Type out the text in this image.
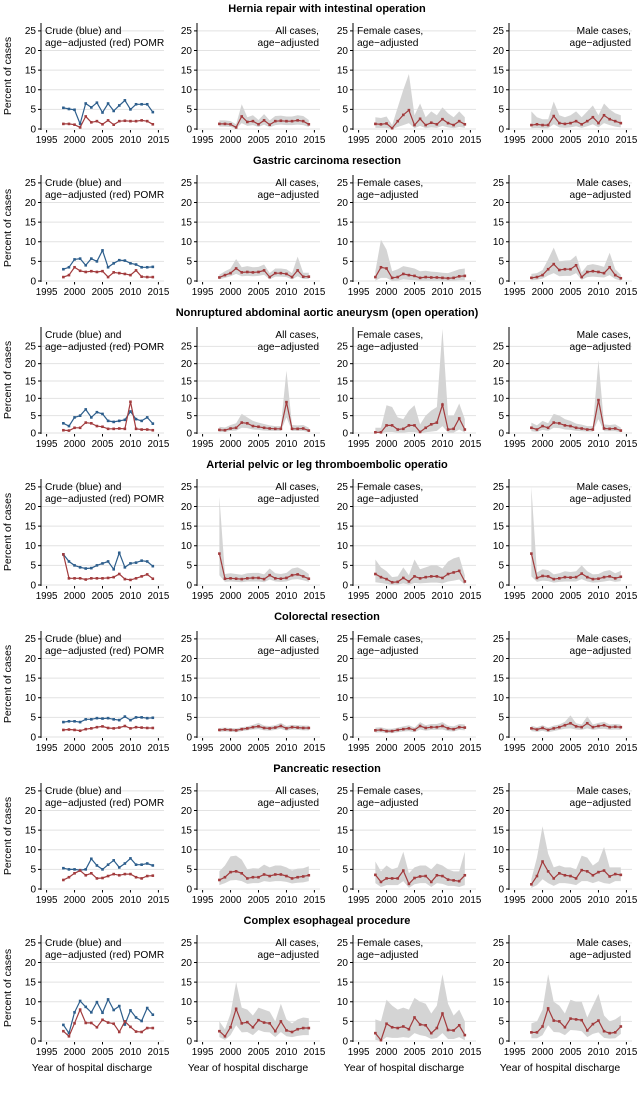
Hernia repair with intestinal operation
Percent of cases
0
5
10
15
20
25
1995 2000 2005 2010 2015
Crude (blue) and
age−adjusted (red) POMR
0
5
10
15
20
25
1995 2000 2005 2010 2015
All cases,
age−adjusted
0
5
10
15
20
25
1995 2000 2005 2010 2015
Female cases,
age−adjusted
0
5
10
15
20
25
1995 2000 2005 2010 2015
Male cases,
age−adjusted
Gastric carcinoma resection
Percent of cases
0
5
10
15
20
25
1995 2000 2005 2010 2015
Crude (blue) and
age−adjusted (red) POMR
0
5
10
15
20
25
1995 2000 2005 2010 2015
All cases,
age−adjusted
0
5
10
15
20
25
1995 2000 2005 2010 2015
Female cases,
age−adjusted
0
5
10
15
20
25
1995 2000 2005 2010 2015
Male cases,
age−adjusted
Nonruptured abdominal aortic aneurysm (open operation)
Percent of cases
0
5
10
15
20
25
1995 2000 2005 2010 2015
Crude (blue) and
age−adjusted (red) POMR
0
5
10
15
20
25
1995 2000 2005 2010 2015
All cases,
age−adjusted
0
5
10
15
20
25
1995 2000 2005 2010 2015
Female cases,
age−adjusted
0
5
10
15
20
25
1995 2000 2005 2010 2015
Male cases,
age−adjusted
Arterial pelvic or leg thromboembolic operatio
Percent of cases
0
5
10
15
20
25
1995 2000 2005 2010 2015
Crude (blue) and
age−adjusted (red) POMR
0
5
10
15
20
25
1995 2000 2005 2010 2015
All cases,
age−adjusted
0
5
10
15
20
25
1995 2000 2005 2010 2015
Female cases,
age−adjusted
0
5
10
15
20
25
1995 2000 2005 2010 2015
Male cases,
age−adjusted
Colorectal resection
Percent of cases
0
5
10
15
20
25
1995 2000 2005 2010 2015
Crude (blue) and
age−adjusted (red) POMR
0
5
10
15
20
25
1995 2000 2005 2010 2015
All cases,
age−adjusted
0
5
10
15
20
25
1995 2000 2005 2010 2015
Female cases,
age−adjusted
0
5
10
15
20
25
1995 2000 2005 2010 2015
Male cases,
age−adjusted
Pancreatic resection
Percent of cases
0
5
10
15
20
25
1995 2000 2005 2010 2015
Crude (blue) and
age−adjusted (red) POMR
0
5
10
15
20
25
1995 2000 2005 2010 2015
All cases,
age−adjusted
0
5
10
15
20
25
1995 2000 2005 2010 2015
Female cases,
age−adjusted
0
5
10
15
20
25
1995 2000 2005 2010 2015
Male cases,
age−adjusted
Complex esophageal procedure
Percent of cases
0
5
10
15
20
25
1995 2000 2005 2010 2015
Crude (blue) and
age−adjusted (red) POMR
0
5
10
15
20
25
1995 2000 2005 2010 2015
All cases,
age−adjusted
0
5
10
15
20
25
1995 2000 2005 2010 2015
Female cases,
age−adjusted
0
5
10
15
20
25
1995 2000 2005 2010 2015
Male cases,
age−adjusted
Year of hospital discharge	Year of hospital discharge	Year of hospital discharge	Year of hospital discharge
